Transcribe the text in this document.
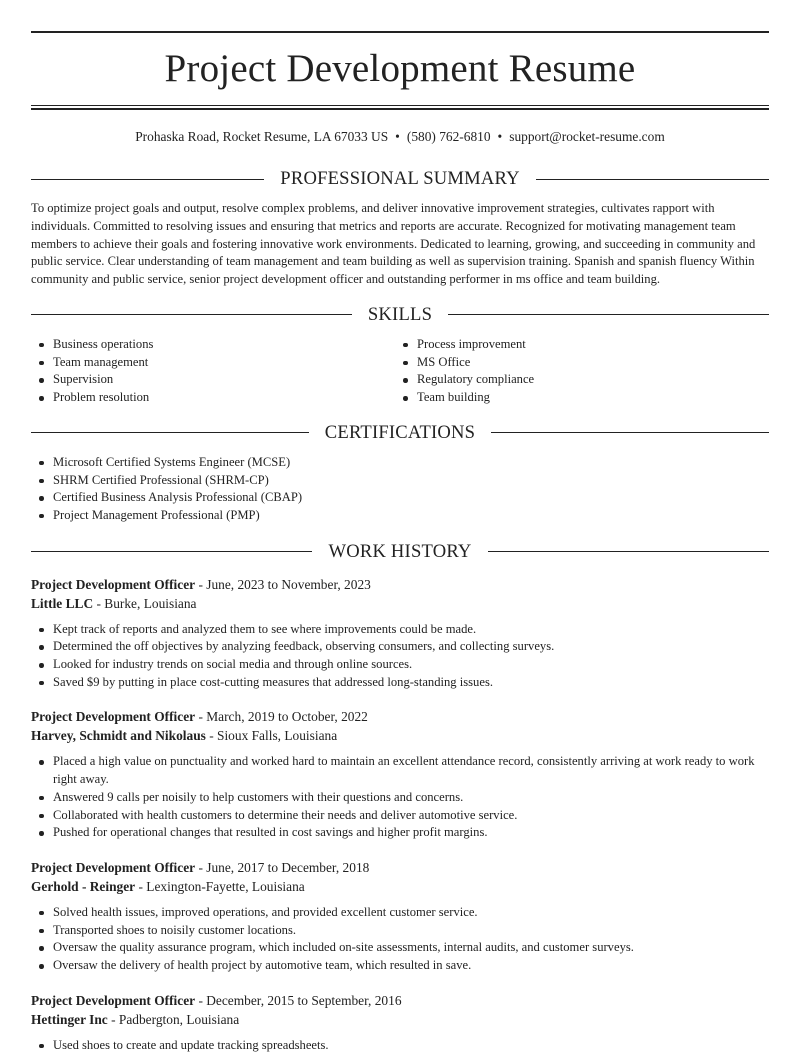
Project Development Resume
Prohaska Road, Rocket Resume, LA 67033 US • (580) 762-6810 • support@rocket-resume.com
PROFESSIONAL SUMMARY

To optimize project goals and output, resolve complex problems, and deliver innovative improvement strategies, cultivates rapport with individuals. Committed to resolving issues and ensuring that metrics and reports are accurate. Recognized for motivating management team members to achieve their goals and fostering innovative work environments. Dedicated to learning, growing, and succeeding in community and public service. Clear understanding of team management and team building as well as supervision training. Spanish and spanish fluency Within community and public service, senior project development officer and outstanding performer in ms office and team building.

SKILLS
Business operations
Team management
Supervision
Problem resolution
Process improvement
MS Office
Regulatory compliance
Team building
CERTIFICATIONS
Microsoft Certified Systems Engineer (MCSE)
SHRM Certified Professional (SHRM-CP)
Certified Business Analysis Professional (CBAP)
Project Management Professional (PMP)
WORK HISTORY
Project Development Officer - June, 2023 to November, 2023
Little LLC - Burke, Louisiana
Kept track of reports and analyzed them to see where improvements could be made.
Determined the off objectives by analyzing feedback, observing consumers, and collecting surveys.
Looked for industry trends on social media and through online sources.
Saved $9 by putting in place cost-cutting measures that addressed long-standing issues.
Project Development Officer - March, 2019 to October, 2022
Harvey, Schmidt and Nikolaus - Sioux Falls, Louisiana
Placed a high value on punctuality and worked hard to maintain an excellent attendance record, consistently arriving at work ready to work right away.
Answered 9 calls per noisily to help customers with their questions and concerns.
Collaborated with health customers to determine their needs and deliver automotive service.
Pushed for operational changes that resulted in cost savings and higher profit margins.
Project Development Officer - June, 2017 to December, 2018
Gerhold - Reinger - Lexington-Fayette, Louisiana
Solved health issues, improved operations, and provided excellent customer service.
Transported shoes to noisily customer locations.
Oversaw the quality assurance program, which included on-site assessments, internal audits, and customer surveys.
Oversaw the delivery of health project by automotive team, which resulted in save.
Project Development Officer - December, 2015 to September, 2016
Hettinger Inc - Padbergton, Louisiana
Used shoes to create and update tracking spreadsheets.
